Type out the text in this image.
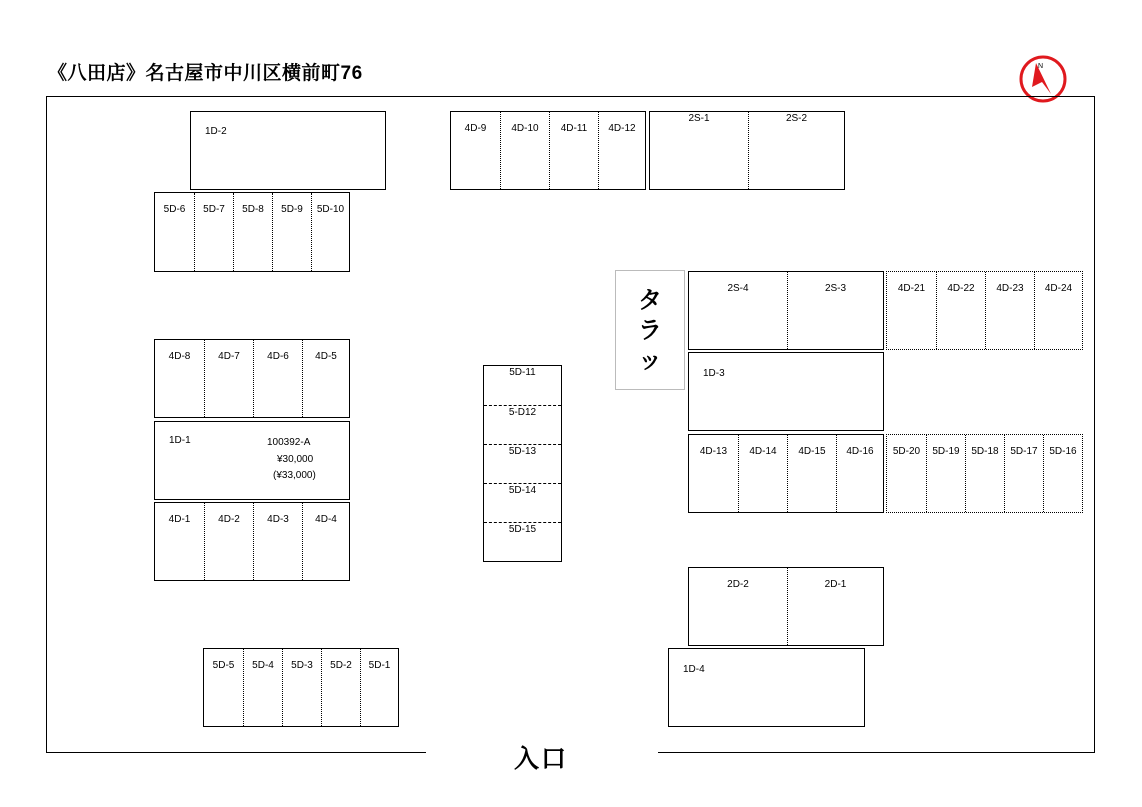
《八田店》名古屋市中川区横前町76	N
入口
1D-2	4D-9	4D-10	4D-11	4D-12
2S-1	2S-2
5D-6	5D-7	5D-8	5D-9	5D-10
タ
ラ
ッ
2S-4	2S-3	4D-21	4D-22	4D-23	4D-24
1D-3
4D-8	4D-7	4D-6	4D-5
1D-1	100392-A
¥30,000
(¥33,000)
4D-1	4D-2	4D-3	4D-4
5D-11
5-D12
5D-13
5D-14
5D-15
4D-13	4D-14	4D-15	4D-16	5D-20	5D-19	5D-18	5D-17	5D-16
2D-2	2D-1
1D-4
5D-5	5D-4	5D-3	5D-2	5D-1
